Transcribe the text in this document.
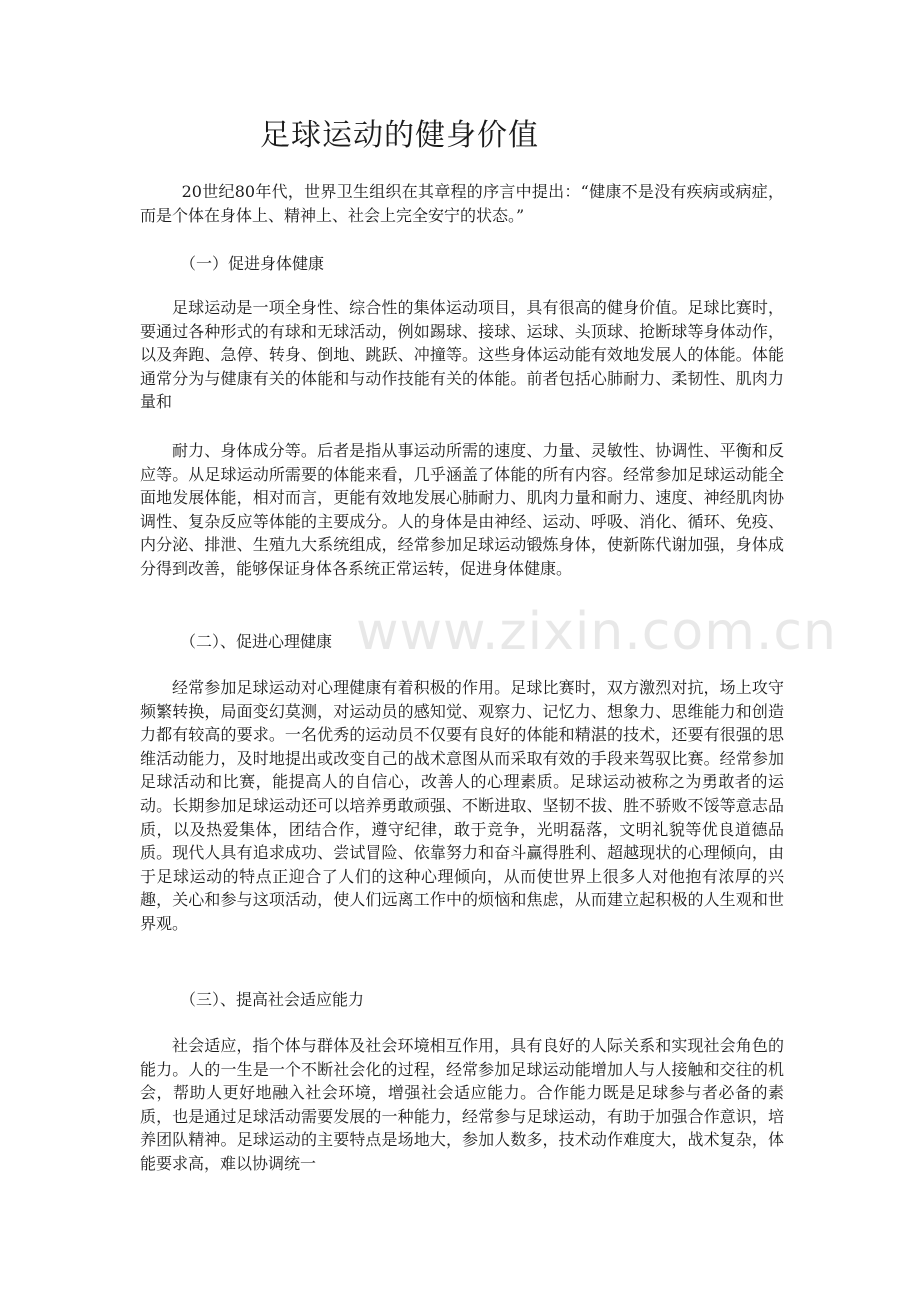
足球运动的健身价值

20世纪80年代，世界卫生组织在其章程的序言中提出：“健康不是没有疾病或病症，而是个体在身体上、精神上、社会上完全安宁的状态。”

（一）促进身体健康

足球运动是一项全身性、综合性的集体运动项目，具有很高的健身价值。足球比赛时，要通过各种形式的有球和无球活动，例如踢球、接球、运球、头顶球、抢断球等身体动作，以及奔跑、急停、转身、倒地、跳跃、冲撞等。这些身体运动能有效地发展人的体能。体能通常分为与健康有关的体能和与动作技能有关的体能。前者包括心肺耐力、柔韧性、肌肉力量和

耐力、身体成分等。后者是指从事运动所需的速度、力量、灵敏性、协调性、平衡和反应等。从足球运动所需要的体能来看，几乎涵盖了体能的所有内容。经常参加足球运动能全面地发展体能，相对而言，更能有效地发展心肺耐力、肌肉力量和耐力、速度、神经肌肉协调性、复杂反应等体能的主要成分。人的身体是由神经、运动、呼吸、消化、循环、免疫、内分泌、排泄、生殖九大系统组成，经常参加足球运动锻炼身体，使新陈代谢加强，身体成分得到改善，能够保证身体各系统正常运转，促进身体健康。

（二）、促进心理健康

经常参加足球运动对心理健康有着积极的作用。足球比赛时，双方激烈对抗，场上攻守频繁转换，局面变幻莫测，对运动员的感知觉、观察力、记忆力、想象力、思维能力和创造力都有较高的要求。一名优秀的运动员不仅要有良好的体能和精湛的技术，还要有很强的思维活动能力，及时地提出或改变自己的战术意图从而采取有效的手段来驾驭比赛。经常参加足球活动和比赛，能提高人的自信心，改善人的心理素质。足球运动被称之为勇敢者的运动。长期参加足球运动还可以培养勇敢顽强、不断进取、坚韧不拔、胜不骄败不馁等意志品质，以及热爱集体，团结合作，遵守纪律，敢于竞争，光明磊落，文明礼貌等优良道德品质。现代人具有追求成功、尝试冒险、依靠努力和奋斗赢得胜利、超越现状的心理倾向，由于足球运动的特点正迎合了人们的这种心理倾向，从而使世界上很多人对他抱有浓厚的兴趣，关心和参与这项活动，使人们远离工作中的烦恼和焦虑，从而建立起积极的人生观和世界观。

（三）、提高社会适应能力

社会适应，指个体与群体及社会环境相互作用，具有良好的人际关系和实现社会角色的能力。人的一生是一个不断社会化的过程，经常参加足球运动能增加人与人接触和交往的机会，帮助人更好地融入社会环境，增强社会适应能力。合作能力既是足球参与者必备的素质，也是通过足球活动需要发展的一种能力，经常参与足球运动，有助于加强合作意识，培养团队精神。足球运动的主要特点是场地大，参加人数多，技术动作难度大，战术复杂，体能要求高，难以协调统一

www.zixin.com.cn
